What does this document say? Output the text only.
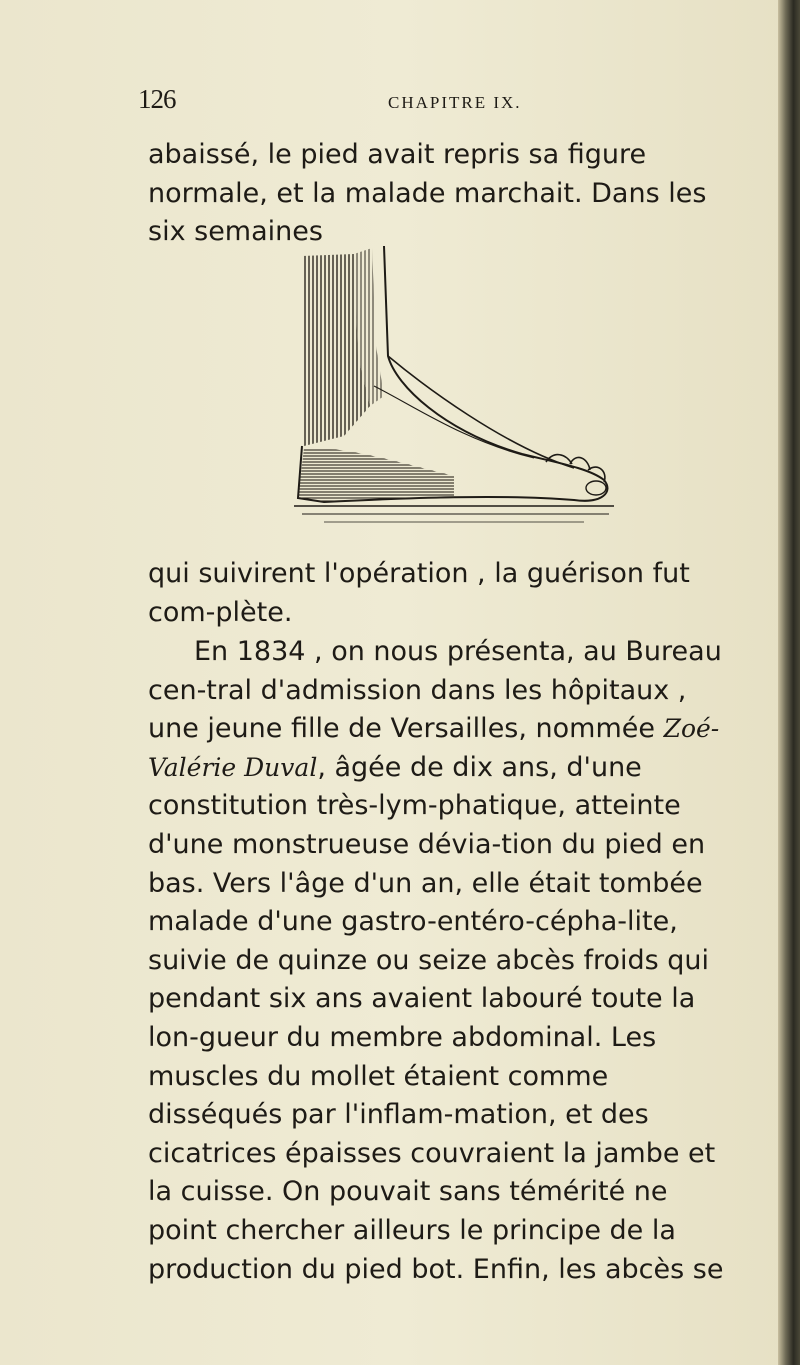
126	CHAPITRE IX.

abaissé, le pied avait repris sa figure normale, et la malade marchait. Dans les six semaines

qui suivirent l'opération , la guérison fut com-plète.

En 1834 , on nous présenta, au Bureau cen-tral d'admission dans les hôpitaux , une jeune fille de Versailles, nommée Zoé-Valérie Duval, âgée de dix ans, d'une constitution très-lym-phatique, atteinte d'une monstrueuse dévia-tion du pied en bas. Vers l'âge d'un an, elle était tombée malade d'une gastro-entéro-cépha-lite, suivie de quinze ou seize abcès froids qui pendant six ans avaient labouré toute la lon-gueur du membre abdominal. Les muscles du mollet étaient comme disséqués par l'inflam-mation, et des cicatrices épaisses couvraient la jambe et la cuisse. On pouvait sans témérité ne point chercher ailleurs le principe de la production du pied bot. Enfin, les abcès se
